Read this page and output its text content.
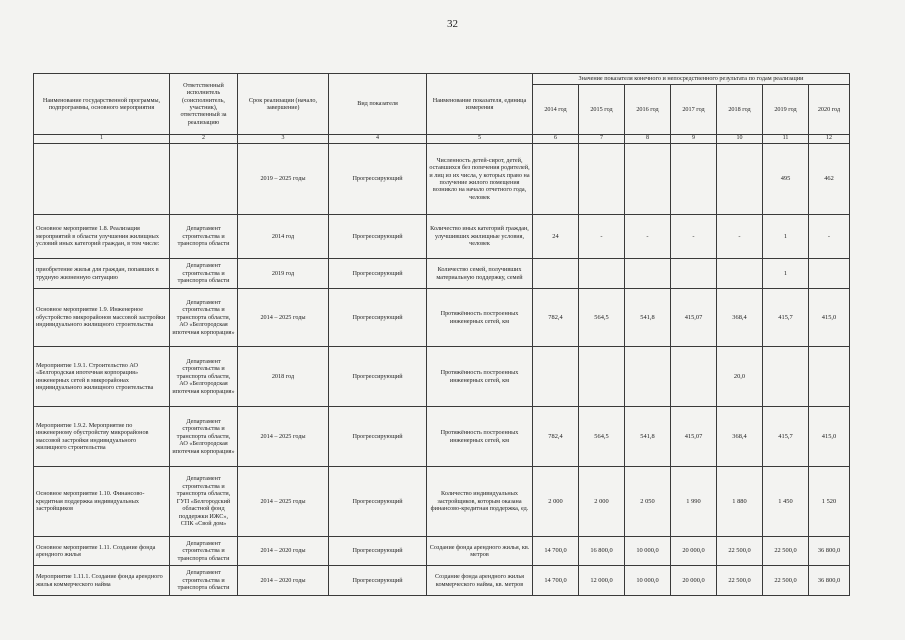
32
Наименование государственной программы, подпрограммы, основного мероприятия	Ответственный исполнитель (соисполнитель, участник), ответственный за реализацию	Срок реализации (начало, завершение)	Вид показателя	Наименование показателя, единица измерения	Значение показателя конечного и непосредственного результата по годам реализации						
					2014 год	2015 год	2016 год	2017 год	2018 год	2019 год	2020 год
1	2	3	4	5	6	7	8	9	10	11	12
		2019 – 2025 годы	Прогрессирующий	Численность детей-сирот, детей, оставшихся без попечения родителей, и лиц из их числа, у которых право на получение жилого помещения возникло на начало отчетного года, человек						495	462
Основное мероприятие 1.8. Реализация мероприятий в области улучшения жилищных условий иных категорий граждан, в том числе:	Департамент строительства и транспорта области	2014 год	Прогрессирующий	Количество иных категорий граждан, улучшивших жилищные условия, человек	24	-	-	-	-	1	-
приобретение жилья для граждан, попавших в трудную жизненную ситуацию	Департамент строительства и транспорта области	2019 год	Прогрессирующий	Количество семей, получивших материальную поддержку, семей						1	
Основное мероприятие 1.9. Инженерное обустройство микрорайонов массовой застройки индивидуального жилищного строительства	Департамент строительства и транспорта области, АО «Белгородская ипотечная корпорация»	2014 – 2025 годы	Прогрессирующий	Протяжённость построенных инженерных сетей, км	782,4	564,5	541,8	415,07	368,4	415,7	415,0
Мероприятие 1.9.1. Строительство АО «Белгородская ипотечная корпорация» инженерных сетей в микрорайонах индивидуального жилищного строительства	Департамент строительства и транспорта области, АО «Белгородская ипотечная корпорация»	2018 год	Прогрессирующий	Протяжённость построенных инженерных сетей, км					20,0		
Мероприятие 1.9.2. Мероприятие по инженерному обустройству микрорайонов массовой застройки индивидуального жилищного строительства	Департамент строительства и транспорта области, АО «Белгородская ипотечная корпорация»	2014 – 2025 годы	Прогрессирующий	Протяжённость построенных инженерных сетей, км	782,4	564,5	541,8	415,07	368,4	415,7	415,0
Основное мероприятие 1.10. Финансово-кредитная поддержка индивидуальных застройщиков	Департамент строительства и транспорта области, ГУП «Белгородский областной фонд поддержки ИЖС», СПК «Свой дом»	2014 – 2025 годы	Прогрессирующий	Количество индивидуальных застройщиков, которым оказана финансово-кредитная поддержка, ед.	2 000	2 000	2 050	1 990	1 880	1 450	1 520
Основное мероприятие 1.11. Создание фонда арендного жилья	Департамент строительства и транспорта области	2014 – 2020 годы	Прогрессирующий	Создание фонда арендного жилья, кв. метров	14 700,0	16 800,0	10 000,0	20 000,0	22 500,0	22 500,0	36 800,0
Мероприятие 1.11.1. Создание фонда арендного жилья коммерческого найма	Департамент строительства и транспорта области	2014 – 2020 годы	Прогрессирующий	Создание фонда арендного жилья коммерческого найма, кв. метров	14 700,0	12 000,0	10 000,0	20 000,0	22 500,0	22 500,0	36 800,0
